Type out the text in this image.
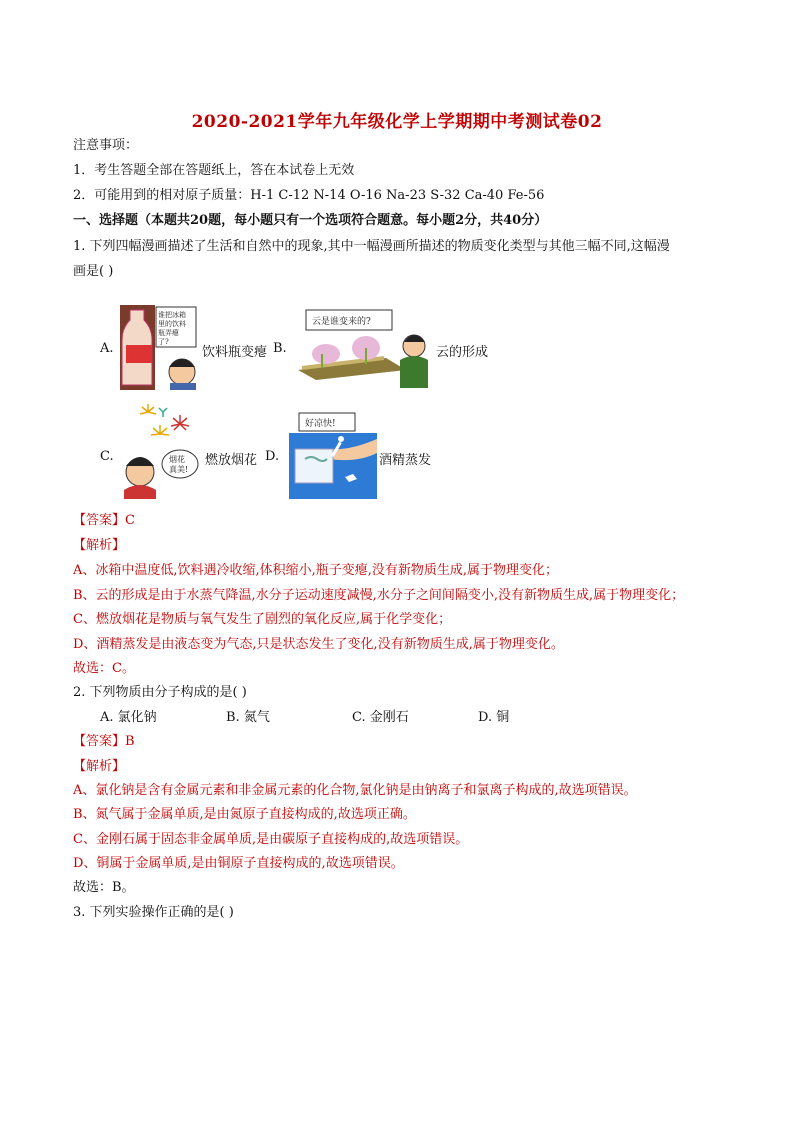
2020-2021学年九年级化学上学期期中考测试卷02
注意事项：
1．考生答题全部在答题纸上，答在本试卷上无效
2．可能用到的相对原子质量：H-1 C-12 N-14 O-16 Na-23 S-32 Ca-40 Fe-56
一、选择题（本题共20题，每小题只有一个选项符合题意。每小题2分，共40分）
1. 下列四幅漫画描述了生活和自然中的现象,其中一幅漫画所描述的物质变化类型与其他三幅不同,这幅漫
画是( )
A.
谁把冰箱
里的饮料
瓶弄瘪
了?
饮料瓶变瘪 B.
云是谁变来的?
云的形成
C.	烟花
真美!
燃放烟花 D.
好凉快!
酒精蒸发
【答案】C
【解析】
A、冰箱中温度低,饮料遇冷收缩,体积缩小,瓶子变瘪,没有新物质生成,属于物理变化；
B、云的形成是由于水蒸气降温,水分子运动速度减慢,水分子之间间隔变小,没有新物质生成,属于物理变化；
C、燃放烟花是物质与氧气发生了剧烈的氧化反应,属于化学变化；
D、酒精蒸发是由液态变为气态,只是状态发生了变化,没有新物质生成,属于物理变化。
故选：C。
2. 下列物质由分子构成的是( )
A. 氯化钠	B. 氮气	C. 金刚石	D. 铜
【答案】B
【解析】
A、氯化钠是含有金属元素和非金属元素的化合物,氯化钠是由钠离子和氯离子构成的,故选项错误。
B、氮气属于金属单质,是由氮原子直接构成的,故选项正确。
C、金刚石属于固态非金属单质,是由碳原子直接构成的,故选项错误。
D、铜属于金属单质,是由铜原子直接构成的,故选项错误。
故选：B。
3. 下列实验操作正确的是( )
